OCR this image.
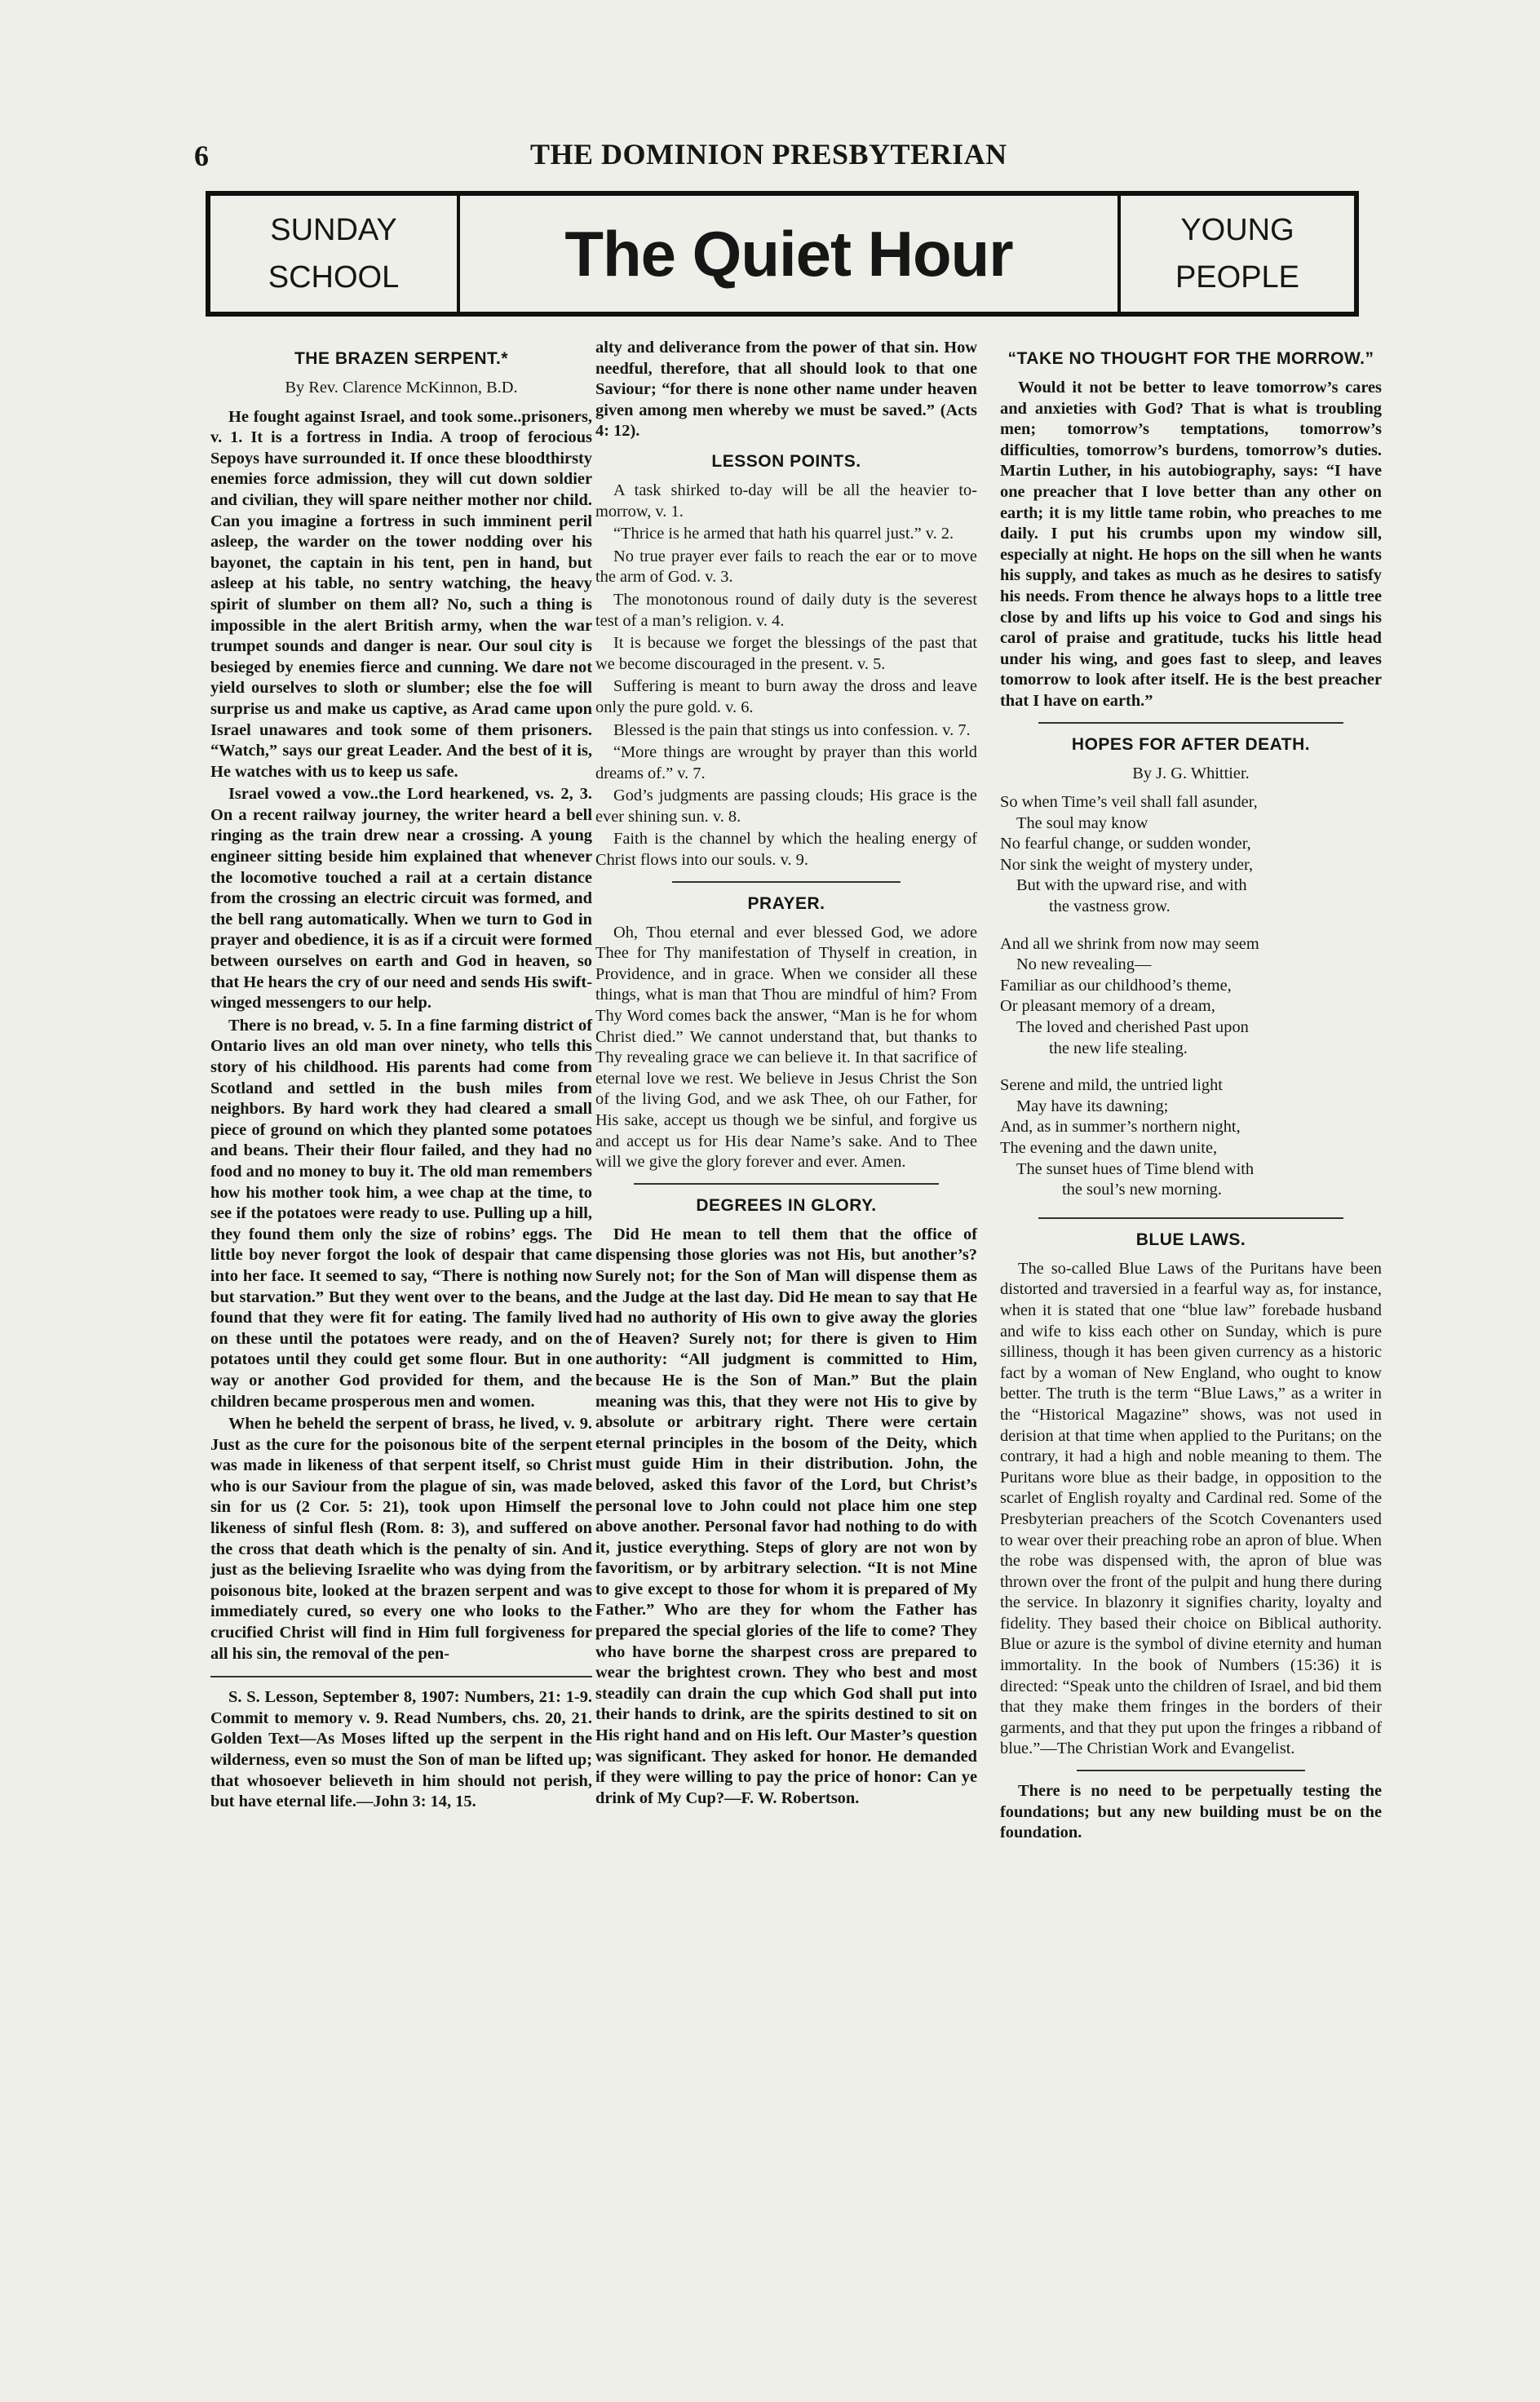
6	THE DOMINION PRESBYTERIAN
SUNDAY
SCHOOL	The Quiet Hour	YOUNG
PEOPLE
THE BRAZEN SERPENT.*
By Rev. Clarence McKinnon, B.D.

He fought against Israel, and took some..prisoners, v. 1. It is a fortress in India. A troop of ferocious Sepoys have surrounded it. If once these bloodthirsty enemies force admission, they will cut down soldier and civilian, they will spare neither mother nor child. Can you imagine a fortress in such imminent peril asleep, the warder on the tower nodding over his bayonet, the captain in his tent, pen in hand, but asleep at his table, no sentry watching, the heavy spirit of slumber on them all? No, such a thing is impossible in the alert British army, when the war trumpet sounds and danger is near. Our soul city is besieged by enemies fierce and cunning. We dare not yield ourselves to sloth or slumber; else the foe will surprise us and make us captive, as Arad came upon Israel unawares and took some of them prisoners. “Watch,” says our great Leader. And the best of it is, He watches with us to keep us safe.

Israel vowed a vow..the Lord hearkened, vs. 2, 3. On a recent railway journey, the writer heard a bell ringing as the train drew near a crossing. A young engineer sitting beside him explained that whenever the locomotive touched a rail at a certain distance from the crossing an electric circuit was formed, and the bell rang automatically. When we turn to God in prayer and obedience, it is as if a circuit were formed between ourselves on earth and God in heaven, so that He hears the cry of our need and sends His swift-winged messengers to our help.

There is no bread, v. 5. In a fine farming district of Ontario lives an old man over ninety, who tells this story of his childhood. His parents had come from Scotland and settled in the bush miles from neighbors. By hard work they had cleared a small piece of ground on which they planted some potatoes and beans. Their their flour failed, and they had no food and no money to buy it. The old man remembers how his mother took him, a wee chap at the time, to see if the potatoes were ready to use. Pulling up a hill, they found them only the size of robins’ eggs. The little boy never forgot the look of despair that came into her face. It seemed to say, “There is nothing now but starvation.” But they went over to the beans, and found that they were fit for eating. The family lived on these until the potatoes were ready, and on the potatoes until they could get some flour. But in one way or another God provided for them, and the children became prosperous men and women.

When he beheld the serpent of brass, he lived, v. 9. Just as the cure for the poisonous bite of the serpent was made in likeness of that serpent itself, so Christ who is our Saviour from the plague of sin, was made sin for us (2 Cor. 5: 21), took upon Himself the likeness of sinful flesh (Rom. 8: 3), and suffered on the cross that death which is the penalty of sin. And just as the believing Israelite who was dying from the poisonous bite, looked at the brazen serpent and was immediately cured, so every one who looks to the crucified Christ will find in Him full forgiveness for all his sin, the removal of the pen-

S. S. Lesson, September 8, 1907: Numbers, 21: 1-9. Commit to memory v. 9. Read Numbers, chs. 20, 21. Golden Text—As Moses lifted up the serpent in the wilderness, even so must the Son of man be lifted up; that whosoever believeth in him should not perish, but have eternal life.—John 3: 14, 15.

alty and deliverance from the power of that sin. How needful, therefore, that all should look to that one Saviour; “for there is none other name under heaven given among men whereby we must be saved.” (Acts 4: 12).

LESSON POINTS.

A task shirked to-day will be all the heavier to-morrow, v. 1.

“Thrice is he armed that hath his quarrel just.” v. 2.

No true prayer ever fails to reach the ear or to move the arm of God. v. 3.

The monotonous round of daily duty is the severest test of a man’s religion. v. 4.

It is because we forget the blessings of the past that we become discouraged in the present. v. 5.

Suffering is meant to burn away the dross and leave only the pure gold. v. 6.

Blessed is the pain that stings us into confession. v. 7.

“More things are wrought by prayer than this world dreams of.” v. 7.

God’s judgments are passing clouds; His grace is the ever shining sun. v. 8.

Faith is the channel by which the healing energy of Christ flows into our souls. v. 9.

PRAYER.

Oh, Thou eternal and ever blessed God, we adore Thee for Thy manifestation of Thyself in creation, in Providence, and in grace. When we consider all these things, what is man that Thou are mindful of him? From Thy Word comes back the answer, “Man is he for whom Christ died.” We cannot understand that, but thanks to Thy revealing grace we can believe it. In that sacrifice of eternal love we rest. We believe in Jesus Christ the Son of the living God, and we ask Thee, oh our Father, for His sake, accept us though we be sinful, and forgive us and accept us for His dear Name’s sake. And to Thee will we give the glory forever and ever. Amen.

DEGREES IN GLORY.

Did He mean to tell them that the office of dispensing those glories was not His, but another’s? Surely not; for the Son of Man will dispense them as the Judge at the last day. Did He mean to say that He had no authority of His own to give away the glories of Heaven? Surely not; for there is given to Him authority: “All judgment is committed to Him, because He is the Son of Man.” But the plain meaning was this, that they were not His to give by absolute or arbitrary right. There were certain eternal principles in the bosom of the Deity, which must guide Him in their distribution. John, the beloved, asked this favor of the Lord, but Christ’s personal love to John could not place him one step above another. Personal favor had nothing to do with it, justice everything. Steps of glory are not won by favoritism, or by arbitrary selection. “It is not Mine to give except to those for whom it is prepared of My Father.” Who are they for whom the Father has prepared the special glories of the life to come? They who have borne the sharpest cross are prepared to wear the brightest crown. They who best and most steadily can drain the cup which God shall put into their hands to drink, are the spirits destined to sit on His right hand and on His left. Our Master’s question was significant. They asked for honor. He demanded if they were willing to pay the price of honor: Can ye drink of My Cup?—F. W. Robertson.

“TAKE NO THOUGHT FOR THE MORROW.”

Would it not be better to leave tomorrow’s cares and anxieties with God? That is what is troubling men; tomorrow’s temptations, tomorrow’s difficulties, tomorrow’s burdens, tomorrow’s duties. Martin Luther, in his autobiography, says: “I have one preacher that I love better than any other on earth; it is my little tame robin, who preaches to me daily. I put his crumbs upon my window sill, especially at night. He hops on the sill when he wants his supply, and takes as much as he desires to satisfy his needs. From thence he always hops to a little tree close by and lifts up his voice to God and sings his carol of praise and gratitude, tucks his little head under his wing, and goes fast to sleep, and leaves tomorrow to look after itself. He is the best preacher that I have on earth.”

HOPES FOR AFTER DEATH.
By J. G. Whittier.
So when Time’s veil shall fall asunder,
The soul may know
No fearful change, or sudden wonder,
Nor sink the weight of mystery under,
But with the upward rise, and with
the vastness grow.
And all we shrink from now may seem
No new revealing—
Familiar as our childhood’s theme,
Or pleasant memory of a dream,
The loved and cherished Past upon
the new life stealing.
Serene and mild, the untried light
May have its dawning;
And, as in summer’s northern night,
The evening and the dawn unite,
The sunset hues of Time blend with
the soul’s new morning.
BLUE LAWS.

The so-called Blue Laws of the Puritans have been distorted and traversied in a fearful way as, for instance, when it is stated that one “blue law” forebade husband and wife to kiss each other on Sunday, which is pure silliness, though it has been given currency as a historic fact by a woman of New England, who ought to know better. The truth is the term “Blue Laws,” as a writer in the “Historical Magazine” shows, was not used in derision at that time when applied to the Puritans; on the contrary, it had a high and noble meaning to them. The Puritans wore blue as their badge, in opposition to the scarlet of English royalty and Cardinal red. Some of the Presbyterian preachers of the Scotch Covenanters used to wear over their preaching robe an apron of blue. When the robe was dispensed with, the apron of blue was thrown over the front of the pulpit and hung there during the service. In blazonry it signifies charity, loyalty and fidelity. They based their choice on Biblical authority. Blue or azure is the symbol of divine eternity and human immortality. In the book of Numbers (15:36) it is directed: “Speak unto the children of Israel, and bid them that they make them fringes in the borders of their garments, and that they put upon the fringes a ribband of blue.”—The Christian Work and Evangelist.

There is no need to be perpetually testing the foundations; but any new building must be on the foundation.
